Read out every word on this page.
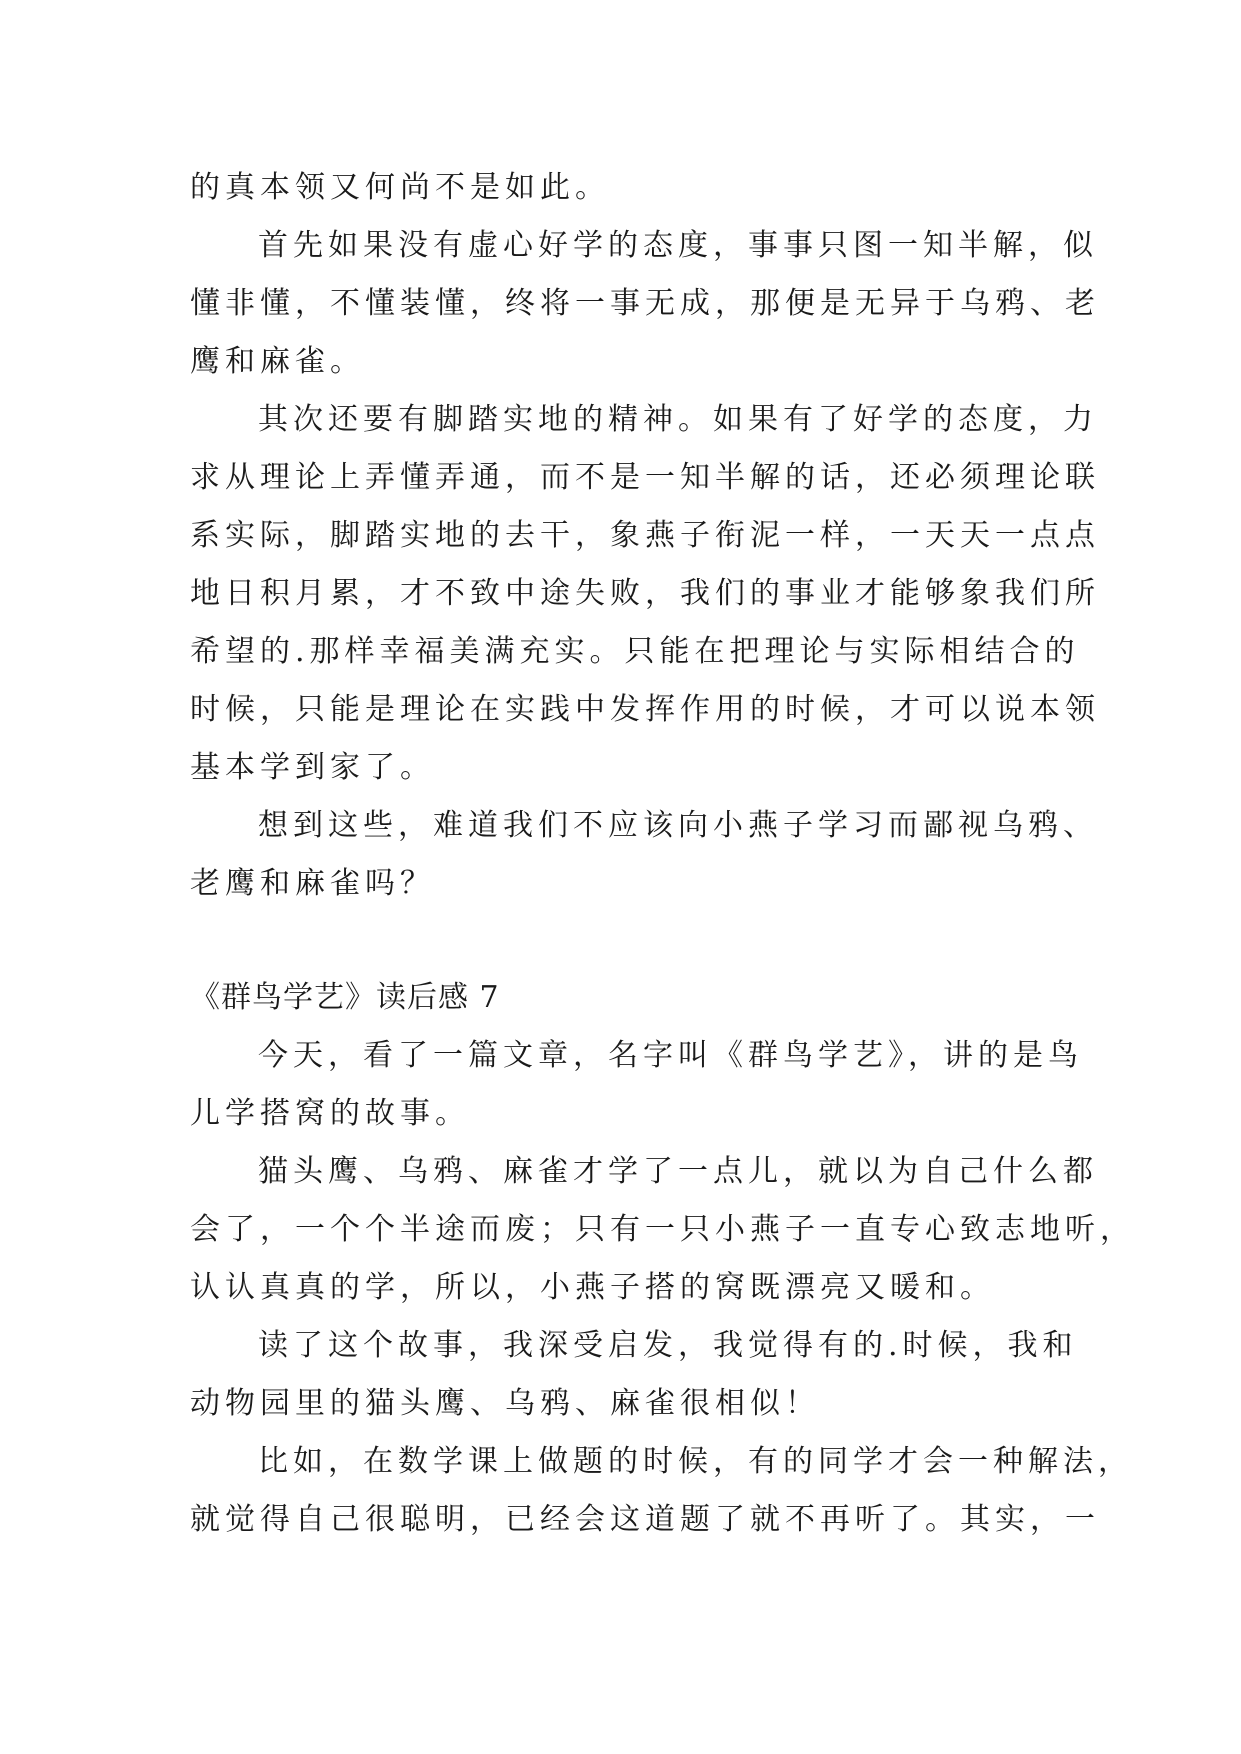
的真本领又何尚不是如此。
首先如果没有虚心好学的态度，事事只图一知半解，似
懂非懂，不懂装懂，终将一事无成，那便是无异于乌鸦、老
鹰和麻雀。
其次还要有脚踏实地的精神。如果有了好学的态度，力
求从理论上弄懂弄通，而不是一知半解的话，还必须理论联
系实际，脚踏实地的去干，象燕子衔泥一样，一天天一点点
地日积月累，才不致中途失败，我们的事业才能够象我们所
希望的.那样幸福美满充实。只能在把理论与实际相结合的
时候，只能是理论在实践中发挥作用的时候，才可以说本领
基本学到家了。
想到这些，难道我们不应该向小燕子学习而鄙视乌鸦、
老鹰和麻雀吗？
《群鸟学艺》读后感 7
今天，看了一篇文章，名字叫《群鸟学艺》，讲的是鸟
儿学搭窝的故事。
猫头鹰、乌鸦、麻雀才学了一点儿，就以为自己什么都
会了，一个个半途而废；只有一只小燕子一直专心致志地听，
认认真真的学，所以，小燕子搭的窝既漂亮又暖和。
读了这个故事，我深受启发，我觉得有的.时候，我和
动物园里的猫头鹰、乌鸦、麻雀很相似！
比如，在数学课上做题的时候，有的同学才会一种解法，
就觉得自己很聪明，已经会这道题了就不再听了。其实，一
